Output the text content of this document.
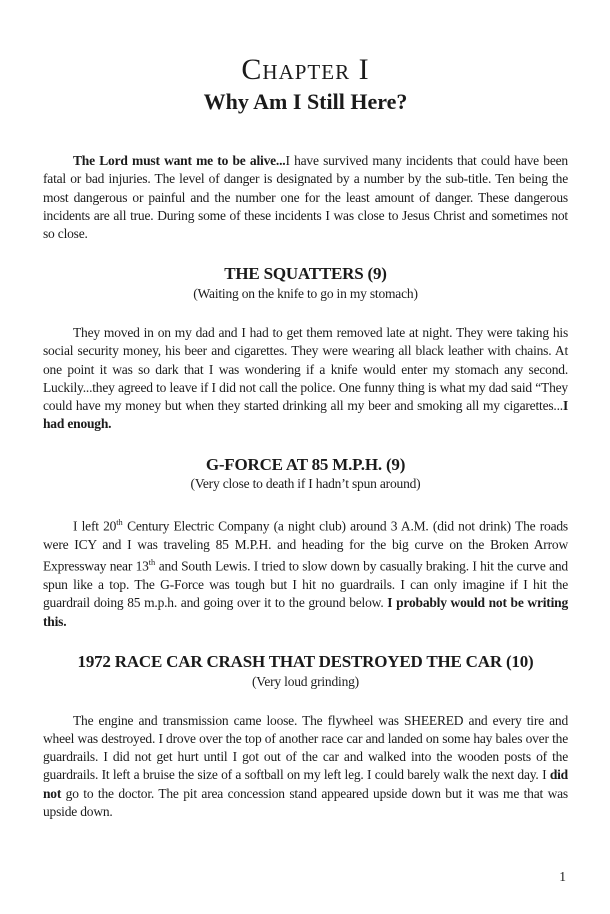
Chapter I
Why Am I Still Here?

The Lord must want me to be alive...I have survived many incidents that could have been fatal or bad injuries. The level of danger is designated by a number by the sub-title. Ten being the most dangerous or painful and the number one for the least amount of danger. These dangerous incidents are all true. During some of these incidents I was close to Jesus Christ and sometimes not so close.

THE SQUATTERS (9)
(Waiting on the knife to go in my stomach)

They moved in on my dad and I had to get them removed late at night. They were taking his social security money, his beer and cigarettes. They were wearing all black leather with chains. At one point it was so dark that I was wondering if a knife would enter my stomach any second. Luckily...they agreed to leave if I did not call the police. One funny thing is what my dad said “They could have my money but when they started drinking all my beer and smoking all my cigarettes...I had enough.

G-FORCE AT 85 M.P.H. (9)
(Very close to death if I hadn’t spun around)

I left 20th Century Electric Company (a night club) around 3 A.M. (did not drink) The roads were ICY and I was traveling 85 M.P.H. and heading for the big curve on the Broken Arrow Expressway near 13th and South Lewis. I tried to slow down by casually braking. I hit the curve and spun like a top. The G-Force was tough but I hit no guardrails. I can only imagine if I hit the guardrail doing 85 m.p.h. and going over it to the ground below. I probably would not be writing this.

1972 RACE CAR CRASH THAT DESTROYED THE CAR (10)
(Very loud grinding)

The engine and transmission came loose. The flywheel was SHEERED and every tire and wheel was destroyed. I drove over the top of another race car and landed on some hay bales over the guardrails. I did not get hurt until I got out of the car and walked into the wooden posts of the guardrails. It left a bruise the size of a softball on my left leg. I could barely walk the next day. I did not go to the doctor. The pit area concession stand appeared upside down but it was me that was upside down.

1
